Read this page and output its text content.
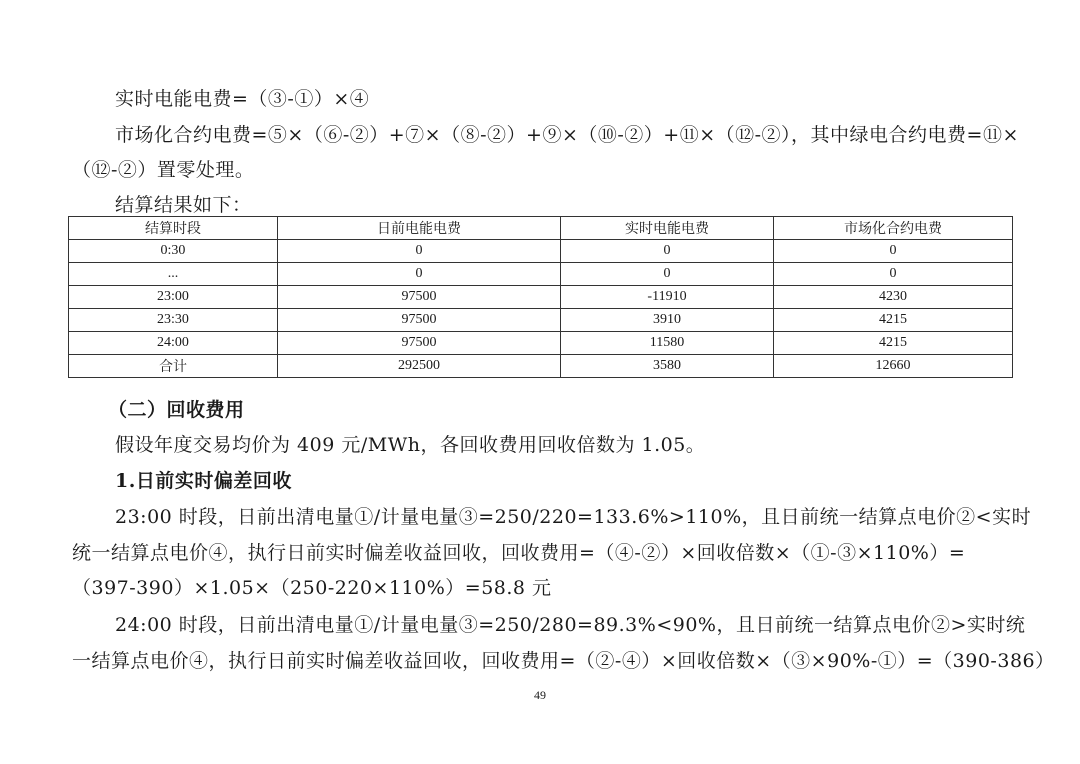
实时电能电费=（③-①）×④
市场化合约电费=⑤×（⑥-②）+⑦×（⑧-②）+⑨×（⑩-②）+⑪×（⑫-②），其中绿电合约电费=⑪×
（⑫-②）置零处理。
结算结果如下：
结算时段	日前电能电费	实时电能电费	市场化合约电费
0:30	0	0	0
...	0	0	0
23:00	97500	-11910	4230
23:30	97500	3910	4215
24:00	97500	11580	4215
合计	292500	3580	12660
（二）回收费用
假设年度交易均价为 409 元/MWh，各回收费用回收倍数为 1.05。
1.日前实时偏差回收
23:00 时段，日前出清电量①/计量电量③=250/220=133.6%>110%，且日前统一结算点电价②<实时
统一结算点电价④，执行日前实时偏差收益回收，回收费用=（④-②）×回收倍数×（①-③×110%）=
（397-390）×1.05×（250-220×110%）=58.8 元
24:00 时段，日前出清电量①/计量电量③=250/280=89.3%<90%，且日前统一结算点电价②>实时统
一结算点电价④，执行日前实时偏差收益回收，回收费用=（②-④）×回收倍数×（③×90%-①）=（390-386）
49
